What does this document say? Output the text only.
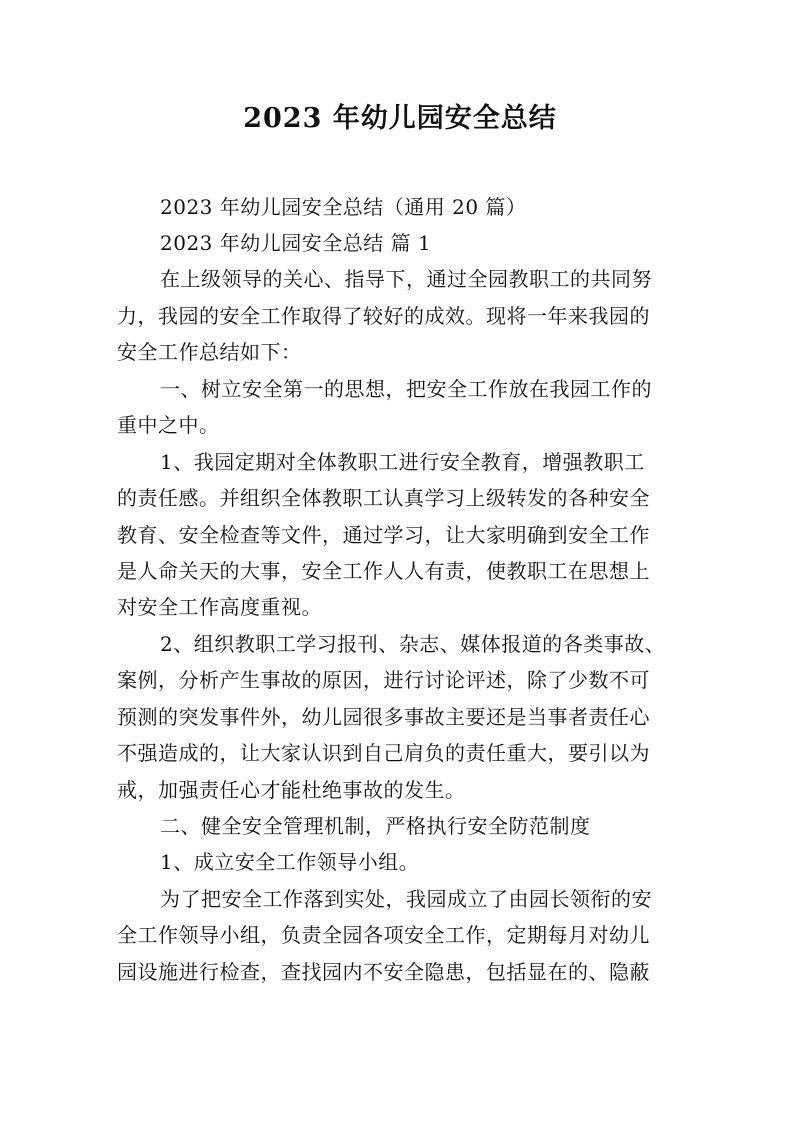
2023 年幼儿园安全总结
2023 年幼儿园安全总结（通用 20 篇）
2023 年幼儿园安全总结 篇 1
在上级领导的关心、指导下，通过全园教职工的共同努
力，我园的安全工作取得了较好的成效。现将一年来我园的
安全工作总结如下：
一、树立安全第一的思想，把安全工作放在我园工作的
重中之中。
1、我园定期对全体教职工进行安全教育，增强教职工
的责任感。并组织全体教职工认真学习上级转发的各种安全
教育、安全检查等文件，通过学习，让大家明确到安全工作
是人命关天的大事，安全工作人人有责，使教职工在思想上
对安全工作高度重视。
2、组织教职工学习报刊、杂志、媒体报道的各类事故、
案例，分析产生事故的原因，进行讨论评述，除了少数不可
预测的突发事件外，幼儿园很多事故主要还是当事者责任心
不强造成的，让大家认识到自己肩负的责任重大，要引以为
戒，加强责任心才能杜绝事故的发生。
二、健全安全管理机制，严格执行安全防范制度
1、成立安全工作领导小组。
为了把安全工作落到实处，我园成立了由园长领衔的安
全工作领导小组，负责全园各项安全工作，定期每月对幼儿
园设施进行检查，查找园内不安全隐患，包括显在的、隐蔽
